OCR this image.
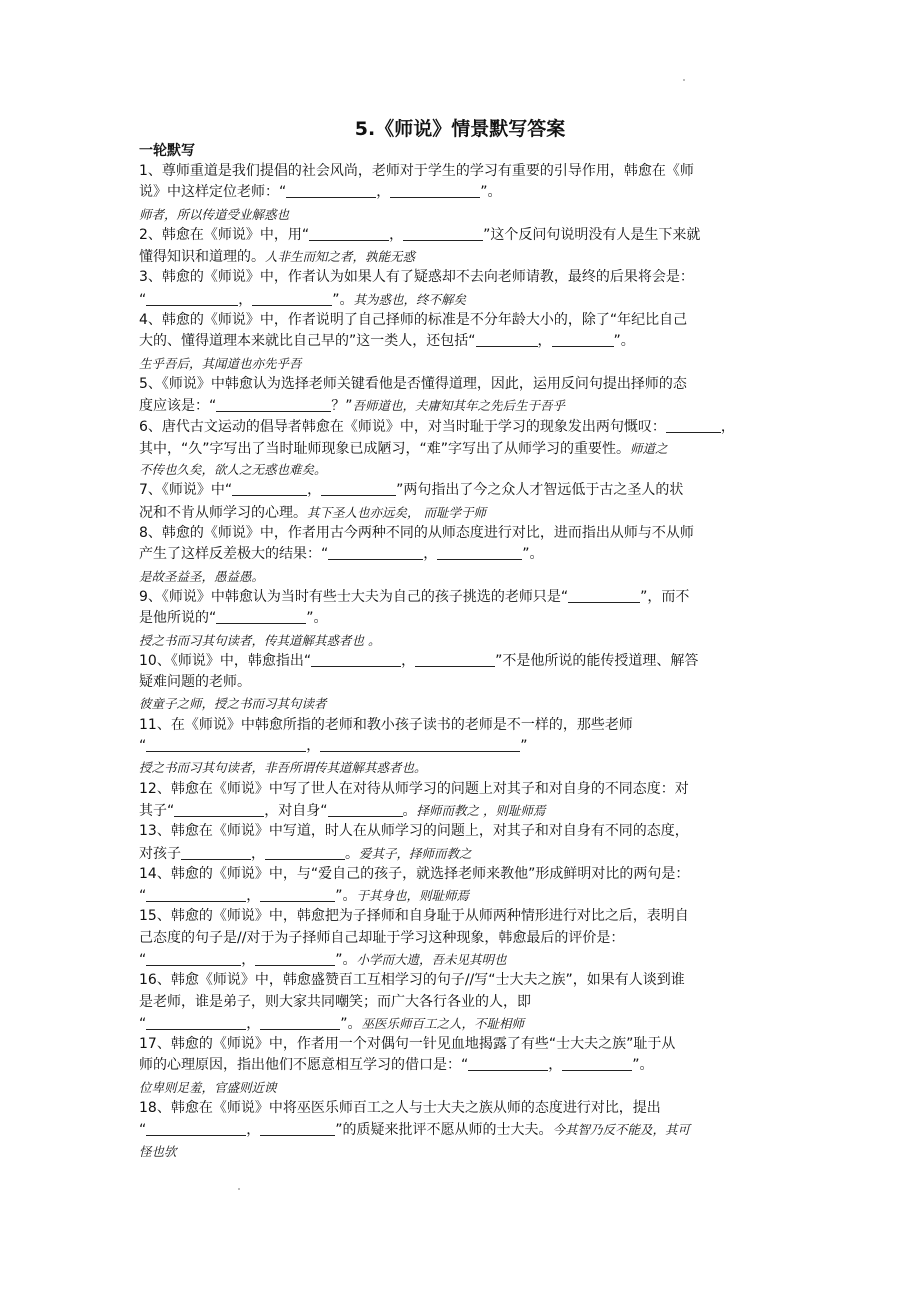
5.《师说》情景默写答案
一轮默写
1、尊师重道是我们提倡的社会风尚，老师对于学生的学习有重要的引导作用，韩愈在《师
说》中这样定位老师：“	，	”。
师者，所以传道受业解惑也
2、韩愈在《师说》中，用“	，	”这个反问句说明没有人是生下来就
懂得知识和道理的。人非生而知之者，孰能无惑
3、韩愈的《师说》中，作者认为如果人有了疑惑却不去向老师请教，最终的后果将会是：
“	，	”。其为惑也，终不解矣
4、韩愈的《师说》中，作者说明了自己择师的标准是不分年龄大小的，除了“年纪比自己
大的、懂得道理本来就比自己早的”这一类人，还包括“	，	”。
生乎吾后，其闻道也亦先乎吾
5、《师说》中韩愈认为选择老师关键看他是否懂得道理，因此，运用反问句提出择师的态
度应该是：“	？”吾师道也，夫庸知其年之先后生于吾乎
6、唐代古文运动的倡导者韩愈在《师说》中，对当时耻于学习的现象发出两句慨叹：	，
其中，“久”字写出了当时耻师现象已成陋习，“难”字写出了从师学习的重要性。师道之
不传也久矣，欲人之无惑也难矣。
7、《师说》中“	，	”两句指出了今之众人才智远低于古之圣人的状
况和不肯从师学习的心理。其下圣人也亦远矣， 而耻学于师
8、韩愈的《师说》中，作者用古今两种不同的从师态度进行对比，进而指出从师与不从师
产生了这样反差极大的结果：“	，	”。
是故圣益圣，愚益愚。
9、《师说》中韩愈认为当时有些士大夫为自己的孩子挑选的老师只是“	”，而不
是他所说的“	”。
授之书而习其句读者，传其道解其惑者也 。
10、《师说》中，韩愈指出“	，	”不是他所说的能传授道理、解答
疑难问题的老师。
彼童子之师，授之书而习其句读者
11、在《师说》中韩愈所指的老师和教小孩子读书的老师是不一样的，那些老师
“	，	”
授之书而习其句读者，非吾所谓传其道解其惑者也。
12、韩愈在《师说》中写了世人在对待从师学习的问题上对其子和对自身的不同态度：对
其子“	，对自身“	。择师而教之 ，则耻师焉
13、韩愈在《师说》中写道，时人在从师学习的问题上，对其子和对自身有不同的态度，
对孩子	，	。爱其子，择师而教之
14、韩愈的《师说》中，与“爱自己的孩子，就选择老师来教他”形成鲜明对比的两句是：
“	，	”。于其身也，则耻师焉
15、韩愈的《师说》中，韩愈把为子择师和自身耻于从师两种情形进行对比之后，表明自
己态度的句子是//对于为子择师自己却耻于学习这种现象，韩愈最后的评价是：
“	，	”。小学而大遗，吾未见其明也
16、韩愈《师说》中，韩愈盛赞百工互相学习的句子//写“士大夫之族”，如果有人谈到谁
是老师，谁是弟子，则大家共同嘲笑；而广大各行各业的人，即
“	，	”。巫医乐师百工之人，不耻相师
17、韩愈的《师说》中，作者用一个对偶句一针见血地揭露了有些“士大夫之族”耻于从
师的心理原因，指出他们不愿意相互学习的借口是：“	，	”。
位卑则足羞，官盛则近谀
18、韩愈在《师说》中将巫医乐师百工之人与士大夫之族从师的态度进行对比，提出
“	，	”的质疑来批评不愿从师的士大夫。今其智乃反不能及，其可
怪也欤
